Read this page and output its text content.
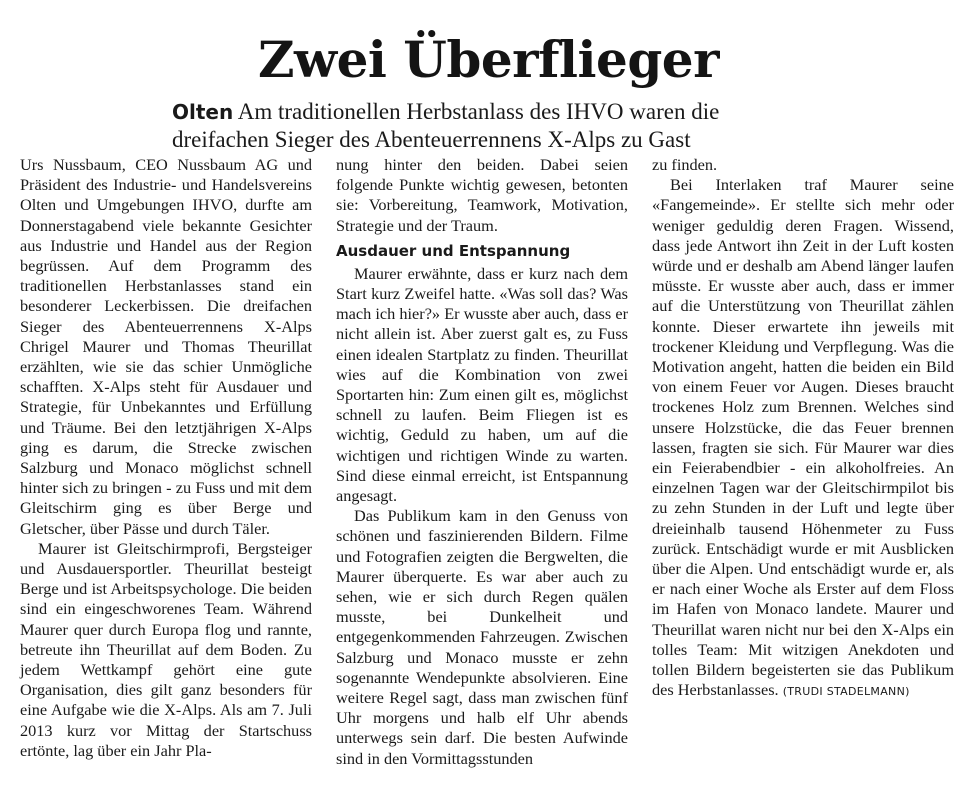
Zwei Überflieger

Olten Am traditionellen Herbstanlass des IHVO waren die dreifachen Sieger des Abenteuerrennens X-Alps zu Gast

Urs Nussbaum, CEO Nussbaum AG und Präsident des Industrie- und Handelsvereins Olten und Umgebungen IHVO, durfte am Donnerstagabend viele bekannte Gesichter aus Industrie und Handel aus der Region begrüssen. Auf dem Programm des traditionellen Herbstanlasses stand ein besonderer Leckerbissen. Die dreifachen Sieger des Abenteuerrennens X-Alps Chrigel Maurer und Thomas Theurillat erzählten, wie sie das schier Unmögliche schafften. X-Alps steht für Ausdauer und Strategie, für Unbekanntes und Erfüllung und Träume. Bei den letztjährigen X-Alps ging es darum, die Strecke zwischen Salzburg und Monaco möglichst schnell hinter sich zu bringen - zu Fuss und mit dem Gleitschirm ging es über Berge und Gletscher, über Pässe und durch Täler.

Maurer ist Gleitschirmprofi, Bergsteiger und Ausdauersportler. Theurillat besteigt Berge und ist Arbeitspsychologe. Die beiden sind ein eingeschworenes Team. Während Maurer quer durch Europa flog und rannte, betreute ihn Theurillat auf dem Boden. Zu jedem Wettkampf gehört eine gute Organisation, dies gilt ganz besonders für eine Aufgabe wie die X-Alps. Als am 7. Juli 2013 kurz vor Mittag der Startschuss ertönte, lag über ein Jahr Pla-

nung hinter den beiden. Dabei seien folgende Punkte wichtig gewesen, betonten sie: Vorbereitung, Teamwork, Motivation, Strategie und der Traum.

Ausdauer und Entspannung

Maurer erwähnte, dass er kurz nach dem Start kurz Zweifel hatte. «Was soll das? Was mach ich hier?» Er wusste aber auch, dass er nicht allein ist. Aber zuerst galt es, zu Fuss einen idealen Startplatz zu finden. Theurillat wies auf die Kombination von zwei Sportarten hin: Zum einen gilt es, möglichst schnell zu laufen. Beim Fliegen ist es wichtig, Geduld zu haben, um auf die wichtigen und richtigen Winde zu warten. Sind diese einmal erreicht, ist Entspannung angesagt.

Das Publikum kam in den Genuss von schönen und faszinierenden Bildern. Filme und Fotografien zeigten die Bergwelten, die Maurer überquerte. Es war aber auch zu sehen, wie er sich durch Regen quälen musste, bei Dunkelheit und entgegenkommenden Fahrzeugen. Zwischen Salzburg und Monaco musste er zehn sogenannte Wendepunkte absolvieren. Eine weitere Regel sagt, dass man zwischen fünf Uhr morgens und halb elf Uhr abends unterwegs sein darf. Die besten Aufwinde sind in den Vormittagsstunden

zu finden.

Bei Interlaken traf Maurer seine «Fangemeinde». Er stellte sich mehr oder weniger geduldig deren Fragen. Wissend, dass jede Antwort ihn Zeit in der Luft kosten würde und er deshalb am Abend länger laufen müsste. Er wusste aber auch, dass er immer auf die Unterstützung von Theurillat zählen konnte. Dieser erwartete ihn jeweils mit trockener Kleidung und Verpflegung. Was die Motivation angeht, hatten die beiden ein Bild von einem Feuer vor Augen. Dieses braucht trockenes Holz zum Brennen. Welches sind unsere Holzstücke, die das Feuer brennen lassen, fragten sie sich. Für Maurer war dies ein Feierabendbier - ein alkoholfreies. An einzelnen Tagen war der Gleitschirmpilot bis zu zehn Stunden in der Luft und legte über dreieinhalb tausend Höhenmeter zu Fuss zurück. Entschädigt wurde er mit Ausblicken über die Alpen. Und entschädigt wurde er, als er nach einer Woche als Erster auf dem Floss im Hafen von Monaco landete. Maurer und Theurillat waren nicht nur bei den X-Alps ein tolles Team: Mit witzigen Anekdoten und tollen Bildern begeisterten sie das Publikum des Herbstanlasses. (TRUDI STADELMANN)
